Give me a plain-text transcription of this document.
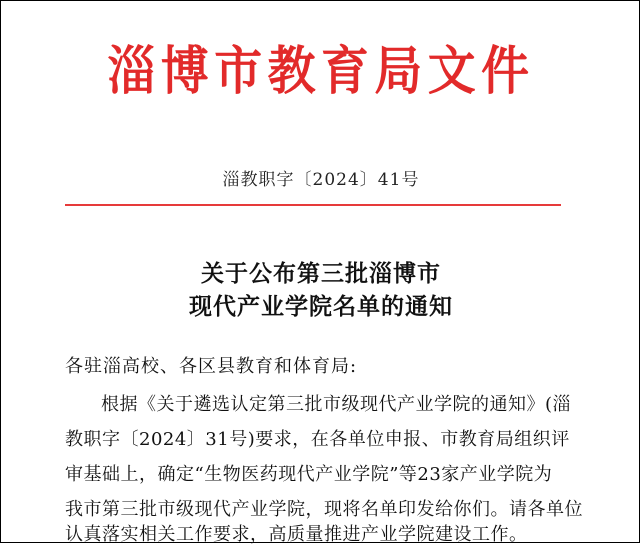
淄博市教育局文件
淄教职字〔2024〕41号
关于公布第三批淄博市
现代产业学院名单的通知
各驻淄高校、各区县教育和体育局:
根据《关于遴选认定第三批市级现代产业学院的通知》(淄
教职字〔2024〕31号)要求，在各单位申报、市教育局组织评
审基础上，确定“生物医药现代产业学院”等23家产业学院为
我市第三批市级现代产业学院，现将名单印发给你们。请各单位
认真落实相关工作要求，高质量推进产业学院建设工作。
